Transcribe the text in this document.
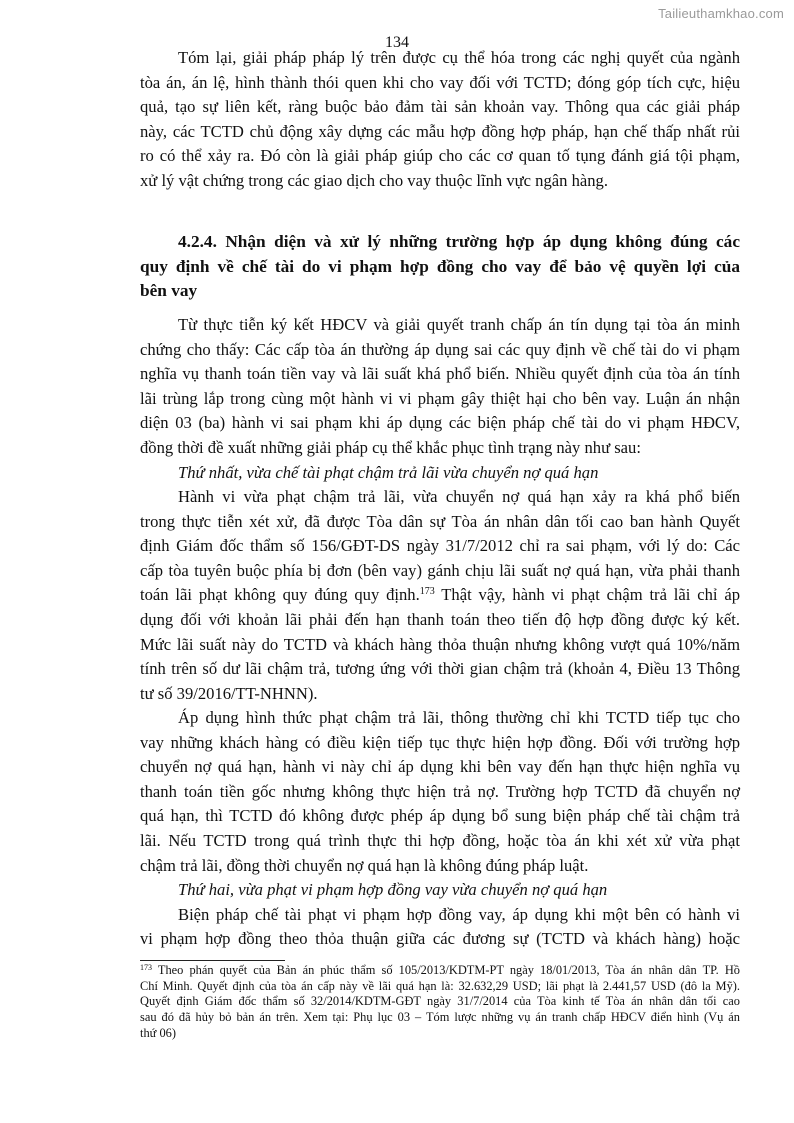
Tailieuthamkhao.com
134
Tóm lại, giải pháp pháp lý trên được cụ thể hóa trong các nghị quyết của ngành
tòa án, án lệ, hình thành thói quen khi cho vay đối với TCTD; đóng góp tích cực, hiệu
quả, tạo sự liên kết, ràng buộc bảo đảm tài sản khoản vay. Thông qua các giải pháp
này, các TCTD chủ động xây dựng các mẫu hợp đồng hợp pháp, hạn chế thấp nhất rủi
ro có thể xảy ra. Đó còn là giải pháp giúp cho các cơ quan tố tụng đánh giá tội phạm,
xử lý vật chứng trong các giao dịch cho vay thuộc lĩnh vực ngân hàng.
4.2.4. Nhận diện và xử lý những trường hợp áp dụng không đúng các
quy định về chế tài do vi phạm hợp đồng cho vay để bảo vệ quyền lợi của
bên vay
Từ thực tiễn ký kết HĐCV và giải quyết tranh chấp án tín dụng tại tòa án minh
chứng cho thấy: Các cấp tòa án thường áp dụng sai các quy định về chế tài do vi phạm
nghĩa vụ thanh toán tiền vay và lãi suất khá phổ biến. Nhiều quyết định của tòa án tính
lãi trùng lắp trong cùng một hành vi vi phạm gây thiệt hại cho bên vay. Luận án nhận
diện 03 (ba) hành vi sai phạm khi áp dụng các biện pháp chế tài do vi phạm HĐCV,
đồng thời đề xuất những giải pháp cụ thể khắc phục tình trạng này như sau:
Thứ nhất, vừa chế tài phạt chậm trả lãi vừa chuyển nợ quá hạn
Hành vi vừa phạt chậm trả lãi, vừa chuyển nợ quá hạn xảy ra khá phổ biến
trong thực tiễn xét xử, đã được Tòa dân sự Tòa án nhân dân tối cao ban hành Quyết
định Giám đốc thẩm số 156/GĐT-DS ngày 31/7/2012 chỉ ra sai phạm, với lý do: Các
cấp tòa tuyên buộc phía bị đơn (bên vay) gánh chịu lãi suất nợ quá hạn, vừa phải thanh
toán lãi phạt không quy đúng quy định.$^{173}$ Thật vậy, hành vi phạt chậm trả lãi chỉ áp
dụng đối với khoản lãi phải đến hạn thanh toán theo tiến độ hợp đồng được ký kết.
Mức lãi suất này do TCTD và khách hàng thỏa thuận nhưng không vượt quá 10%/năm
tính trên số dư lãi chậm trả, tương ứng với thời gian chậm trả (khoản 4, Điều 13 Thông
tư số 39/2016/TT-NHNN).
Áp dụng hình thức phạt chậm trả lãi, thông thường chỉ khi TCTD tiếp tục cho
vay những khách hàng có điều kiện tiếp tục thực hiện hợp đồng. Đối với trường hợp
chuyển nợ quá hạn, hành vi này chỉ áp dụng khi bên vay đến hạn thực hiện nghĩa vụ
thanh toán tiền gốc nhưng không thực hiện trả nợ. Trường hợp TCTD đã chuyển nợ
quá hạn, thì TCTD đó không được phép áp dụng bổ sung biện pháp chế tài chậm trả
lãi. Nếu TCTD trong quá trình thực thi hợp đồng, hoặc tòa án khi xét xử vừa phạt
chậm trả lãi, đồng thời chuyển nợ quá hạn là không đúng pháp luật.
Thứ hai, vừa phạt vi phạm hợp đồng vay vừa chuyển nợ quá hạn
Biện pháp chế tài phạt vi phạm hợp đồng vay, áp dụng khi một bên có hành vi
vi phạm hợp đồng theo thỏa thuận giữa các đương sự (TCTD và khách hàng) hoặc
$^{173}$ Theo phán quyết của Bản án phúc thẩm số 105/2013/KDTM-PT ngày 18/01/2013, Tòa án nhân dân TP. Hồ
Chí Minh. Quyết định của tòa án cấp này về lãi quá hạn là: 32.632,29 USD; lãi phạt là 2.441,57 USD (đô la Mỹ).
Quyết định Giám đốc thẩm số 32/2014/KDTM-GĐT ngày 31/7/2014 của Tòa kinh tế Tòa án nhân dân tối cao
sau đó đã hủy bỏ bản án trên. Xem tại: Phụ lục 03 – Tóm lược những vụ án tranh chấp HĐCV điển hình (Vụ án
thứ 06)
